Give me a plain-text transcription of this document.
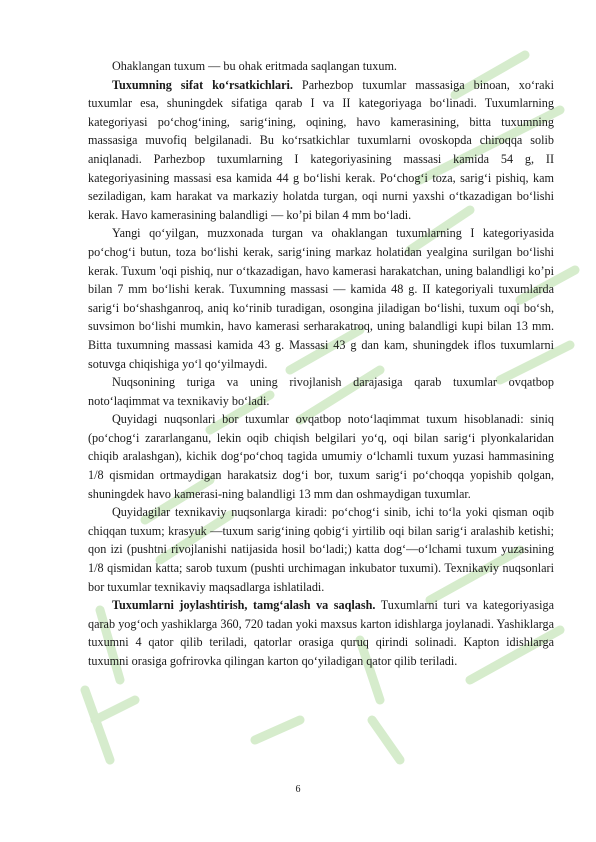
Ohaklangan tuxum — bu ohak eritmada saqlangan tuxum.

Tuxumning sifat ko‘rsatkichlari. Parhezbop tuxumlar massasiga binoan, xo‘raki tuxumlar esa, shuningdek sifatiga qarab I va II kategoriyaga bo‘linadi. Tuxumlarning kategoriyasi po‘chog‘ining, sarig‘ining, oqining, havo kamerasining, bitta tuxumning massasiga muvofiq belgilanadi. Bu ko‘rsatkichlar tuxumlarni ovoskopda chiroqqa solib aniqlanadi. Parhezbop tuxumlarning I kategoriyasining massasi kamida 54 g, II kategoriyasining massasi esa kamida 44 g bo‘lishi kerak. Po‘chog‘i toza, sarig‘i pishiq, kam seziladigan, kam harakat va markaziy holatda turgan, oqi nurni yaxshi o‘tkazadigan bo‘lishi kerak. Havo kamerasining balandligi — ko’pi bilan 4 mm bo‘ladi.

Yangi qo‘yilgan, muzxonada turgan va ohaklangan tuxumlarning I kategoriyasida po‘chog‘i butun, toza bo‘lishi kerak, sarig‘ining markaz holatidan yealgina surilgan bo‘lishi kerak. Tuxum 'oqi pishiq, nur o‘tkazadigan, havo kamerasi harakatchan, uning balandligi ko’pi bilan 7 mm bo‘lishi kerak. Tuxumning massasi — kamida 48 g. II kategoriyali tuxumlarda sarig‘i bo‘shashganroq, aniq ko‘rinib turadigan, osongina jiladigan bo‘lishi, tuxum oqi bo‘sh, suvsimon bo‘lishi mumkin, havo kamerasi serharakatroq, uning balandligi kupi bilan 13 mm. Bitta tuxumning massasi kamida 43 g. Massasi 43 g dan kam, shuningdek iflos tuxumlarni sotuvga chiqishiga yo‘l qo‘yilmaydi.

Nuqsonining turiga va uning rivojlanish darajasiga qarab tuxumlar ovqatbop noto‘laqimmat va texnikaviy bo‘ladi.

Quyidagi nuqsonlari bor tuxumlar ovqatbop noto‘laqimmat tuxum hisoblanadi: siniq (po‘chog‘i zararlanganu, lekin oqib chiqish belgilari yo‘q, oqi bilan sarig‘i plyonkalaridan chiqib aralashgan), kichik dog‘po‘choq tagida umumiy o‘lchamli tuxum yuzasi hammasining 1/8 qismidan ortmaydigan harakatsiz dog‘i bor, tuxum sarig‘i po‘choqqa yopishib qolgan, shuningdek havo kamerasi-ning balandligi 13 mm dan oshmaydigan tuxumlar.

Quyidagilar texnikaviy nuqsonlarga kiradi: po‘chog‘i sinib, ichi to‘la yoki qisman oqib chiqqan tuxum; krasyuk —tuxum sarig‘ining qobig‘i yirtilib oqi bilan sarig‘i aralashib ketishi; qon izi (pushtni rivojlanishi natijasida hosil bo‘ladi;) katta dog‘—o‘lchami tuxum yuzasining 1/8 qismidan katta; sarob tuxum (pushti urchimagan inkubator tuxumi). Texnikaviy nuqsonlari bor tuxumlar texnikaviy maqsadlarga ishlatiladi.

Tuxumlarni joylashtirish, tamg‘alash va saqlash. Tuxumlarni turi va kategoriyasiga qarab yog‘och yashiklarga 360, 720 tadan yoki maxsus karton idishlarga joylanadi. Yashiklarga tuxumni 4 qator qilib teriladi, qatorlar orasiga quruq qirindi solinadi. Kapton idishlarga tuxumni orasiga gofrirovka qilingan karton qo‘yiladigan qator qilib teriladi.

6
